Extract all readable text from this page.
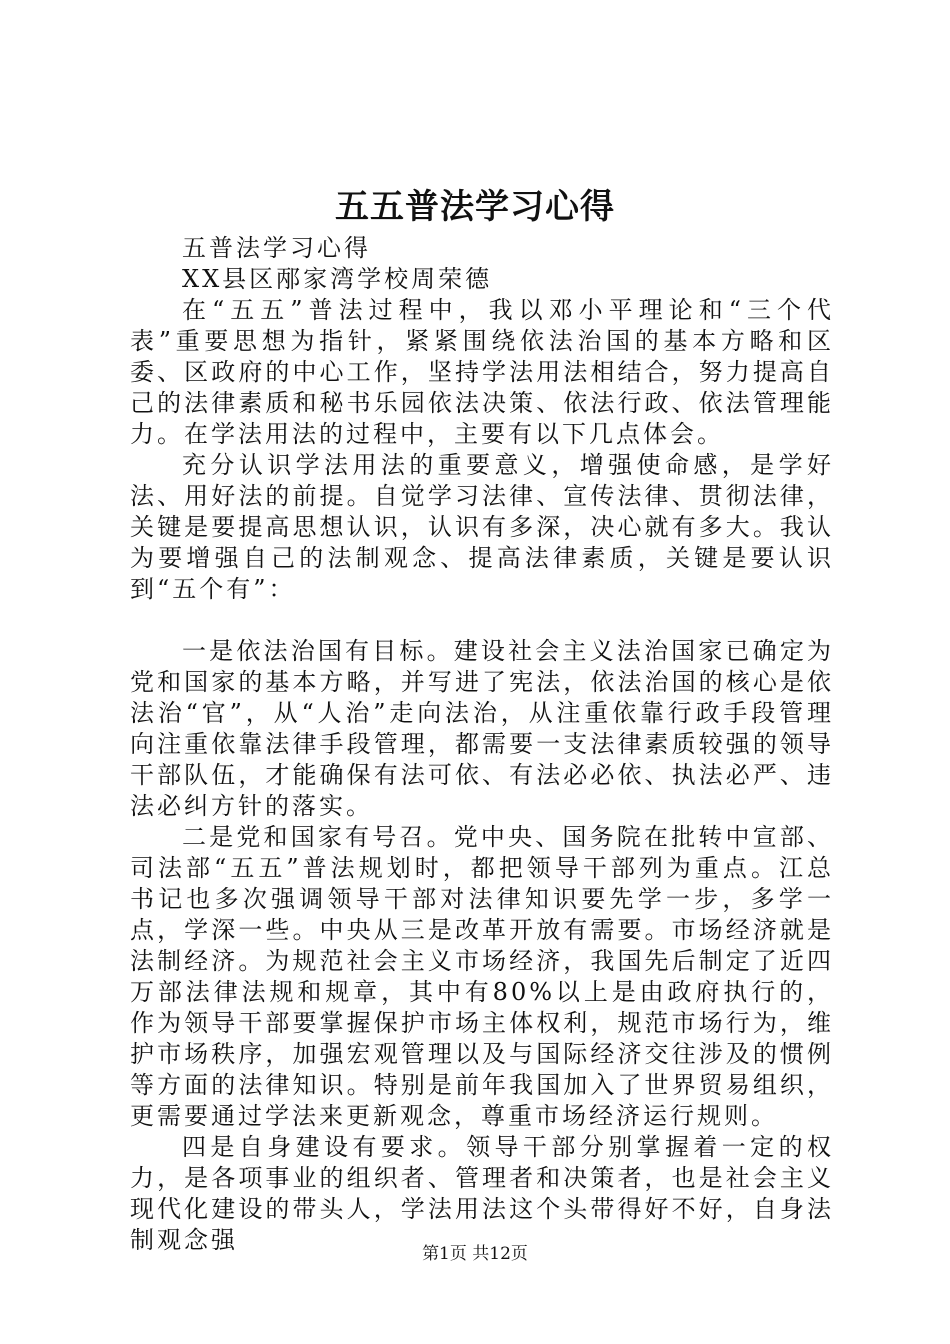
五五普法学习心得

五普法学习心得

XX县区邴家湾学校周荣德

在“五五”普法过程中，我以邓小平理论和“三个代表”重要思想为指针，紧紧围绕依法治国的基本方略和区委、区政府的中心工作，坚持学法用法相结合，努力提高自己的法律素质和秘书乐园依法决策、依法行政、依法管理能力。在学法用法的过程中，主要有以下几点体会。

充分认识学法用法的重要意义，增强使命感，是学好法、用好法的前提。自觉学习法律、宣传法律、贯彻法律，关键是要提高思想认识，认识有多深，决心就有多大。我认为要增强自己的法制观念、提高法律素质，关键是要认识到“五个有”：

一是依法治国有目标。建设社会主义法治国家已确定为党和国家的基本方略，并写进了宪法，依法治国的核心是依法治“官”，从“人治”走向法治，从注重依靠行政手段管理向注重依靠法律手段管理，都需要一支法律素质较强的领导干部队伍，才能确保有法可依、有法必必依、执法必严、违法必纠方针的落实。

二是党和国家有号召。党中央、国务院在批转中宣部、司法部“五五”普法规划时，都把领导干部列为重点。江总书记也多次强调领导干部对法律知识要先学一步，多学一点，学深一些。中央从三是改革开放有需要。市场经济就是法制经济。为规范社会主义市场经济，我国先后制定了近四万部法律法规和规章，其中有80%以上是由政府执行的，作为领导干部要掌握保护市场主体权利，规范市场行为，维护市场秩序，加强宏观管理以及与国际经济交往涉及的惯例等方面的法律知识。特别是前年我国加入了世界贸易组织，更需要通过学法来更新观念，尊重市场经济运行规则。

四是自身建设有要求。领导干部分别掌握着一定的权力，是各项事业的组织者、管理者和决策者，也是社会主义现代化建设的带头人，学法用法这个头带得好不好，自身法制观念强	第1页 共12页
